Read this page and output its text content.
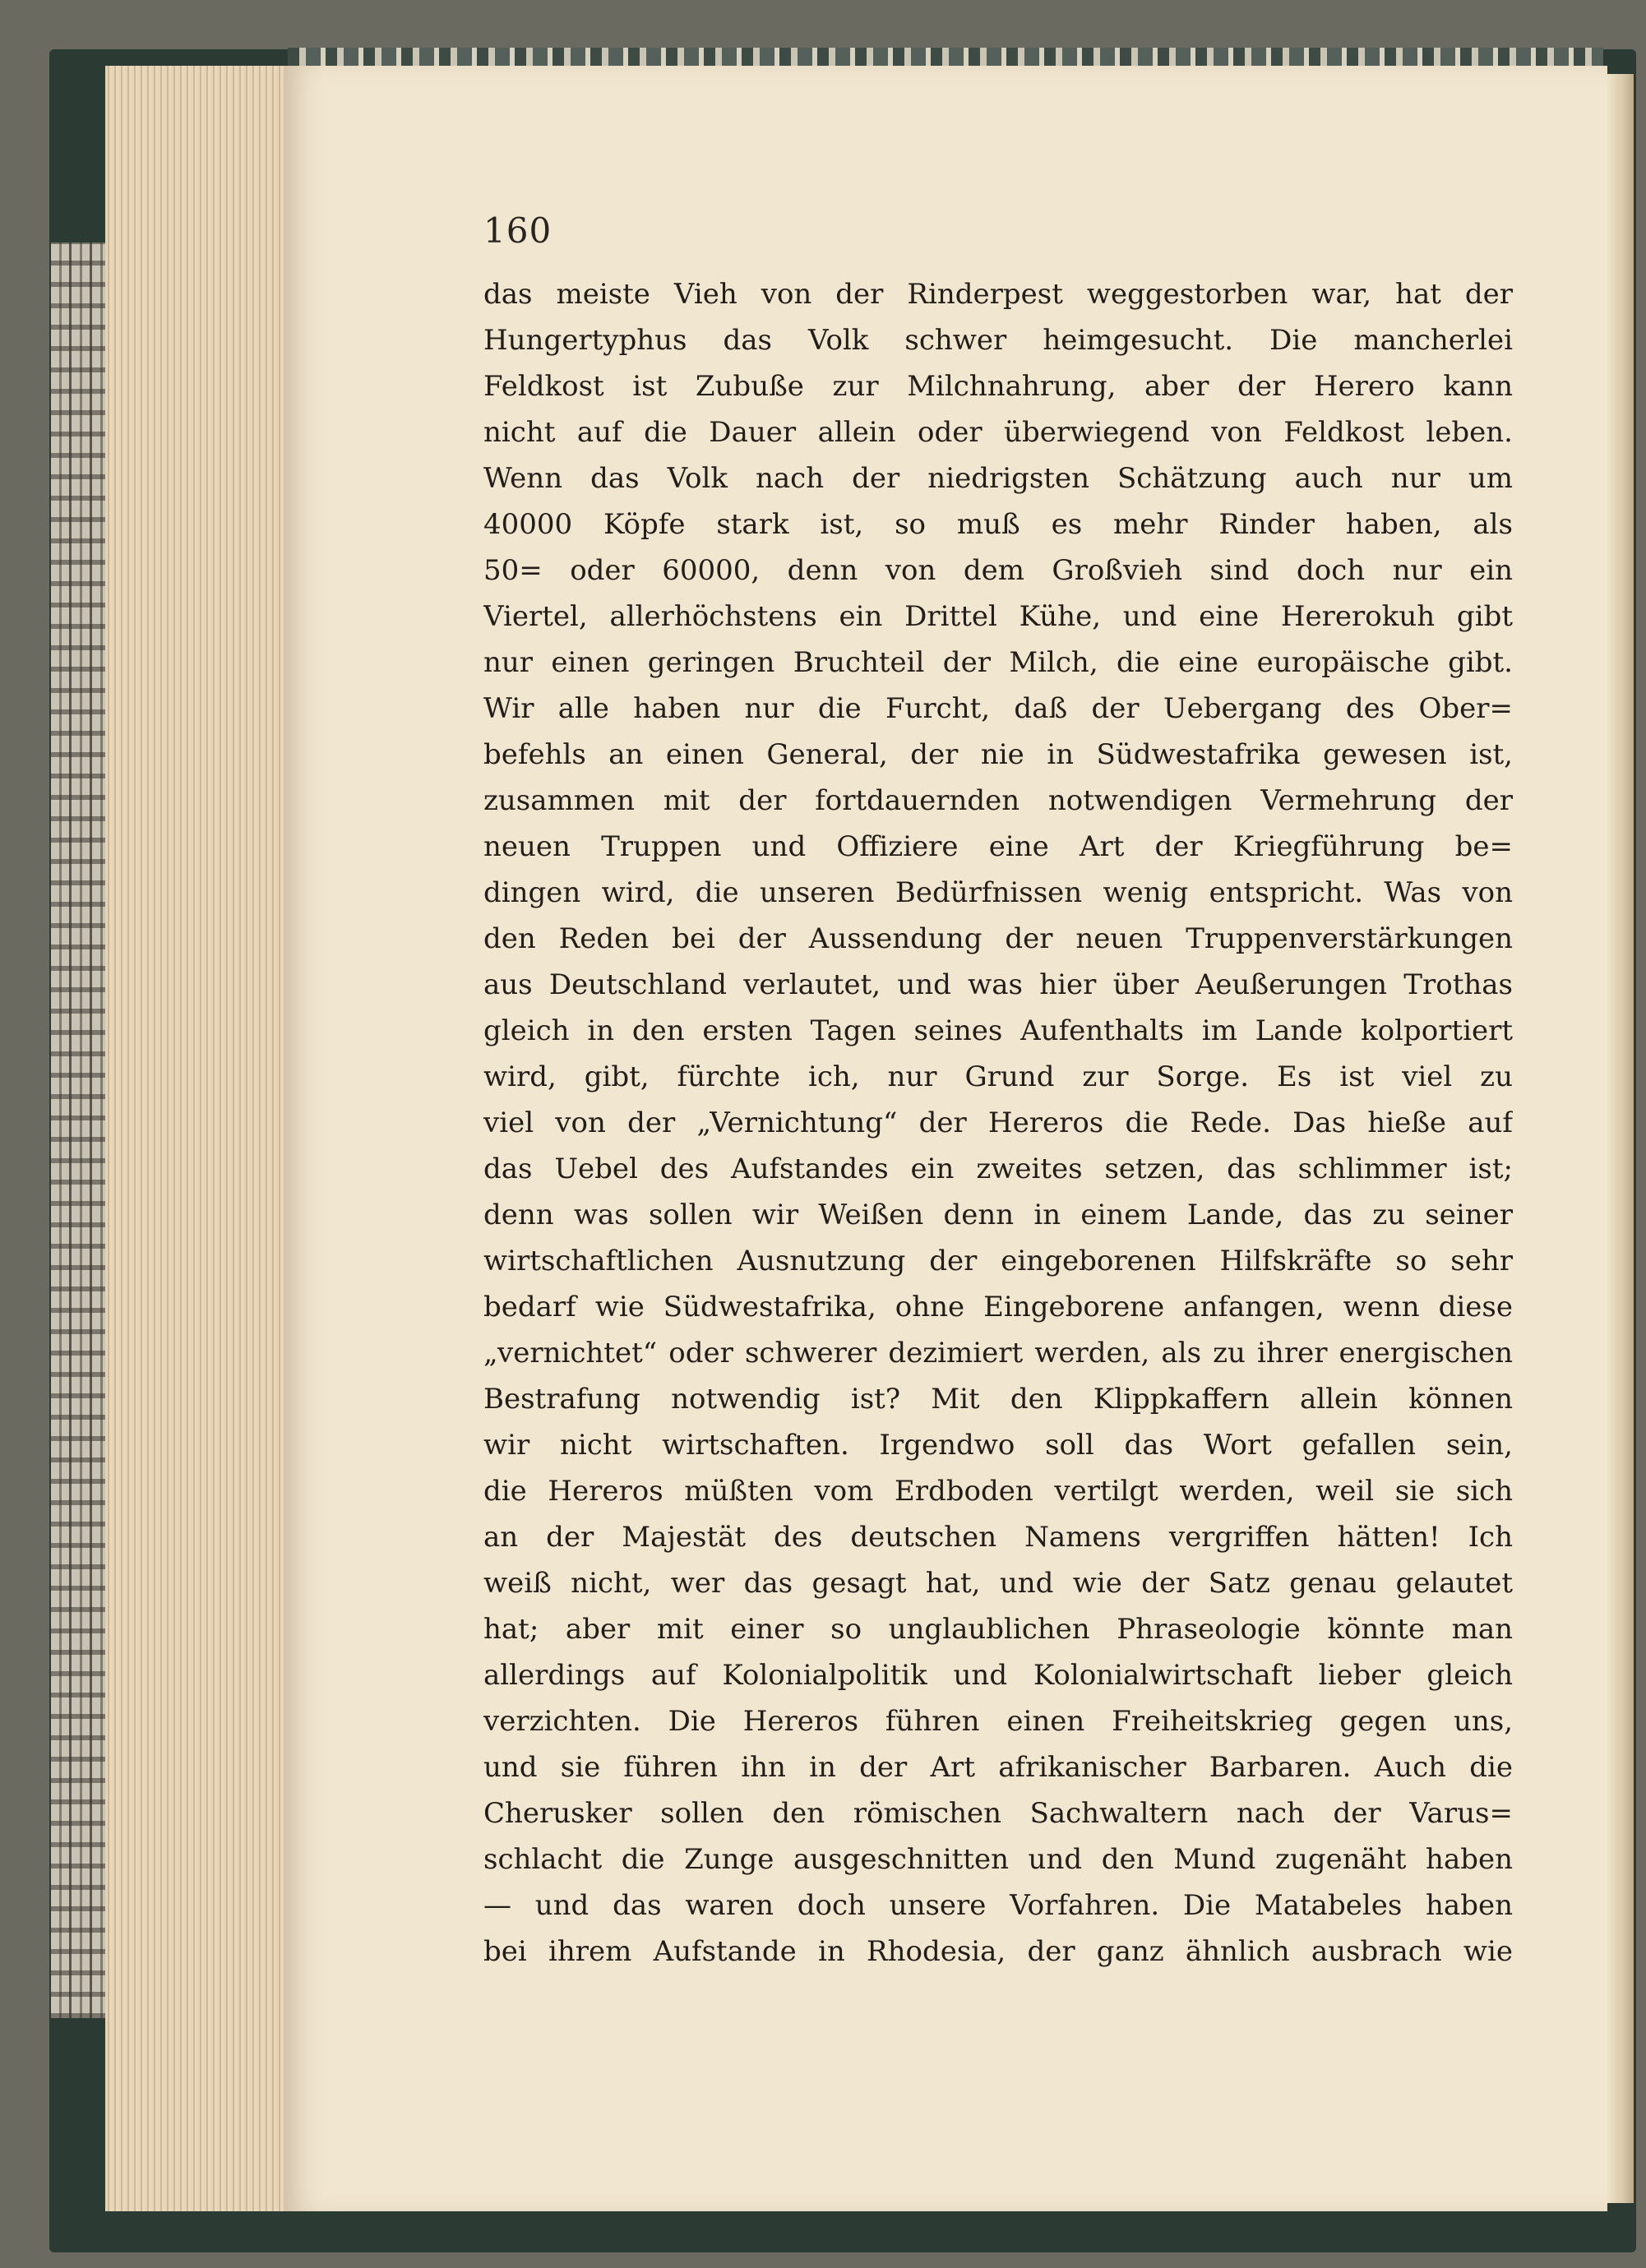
160
das meiste Vieh von der Rinderpest weggestorben war, hat der
Hungertyphus das Volk schwer heimgesucht. Die mancherlei
Feldkost ist Zubuße zur Milchnahrung, aber der Herero kann
nicht auf die Dauer allein oder überwiegend von Feldkost leben.
Wenn das Volk nach der niedrigsten Schätzung auch nur um
40000 Köpfe stark ist, so muß es mehr Rinder haben, als
50= oder 60000, denn von dem Großvieh sind doch nur ein
Viertel, allerhöchstens ein Drittel Kühe, und eine Hererokuh gibt
nur einen geringen Bruchteil der Milch, die eine europäische gibt.
Wir alle haben nur die Furcht, daß der Uebergang des Ober=
befehls an einen General, der nie in Südwestafrika gewesen ist,
zusammen mit der fortdauernden notwendigen Vermehrung der
neuen Truppen und Offiziere eine Art der Kriegführung be=
dingen wird, die unseren Bedürfnissen wenig entspricht. Was von
den Reden bei der Aussendung der neuen Truppenverstärkungen
aus Deutschland verlautet, und was hier über Aeußerungen Trothas
gleich in den ersten Tagen seines Aufenthalts im Lande kolportiert
wird, gibt, fürchte ich, nur Grund zur Sorge. Es ist viel zu
viel von der „Vernichtung“ der Hereros die Rede. Das hieße auf
das Uebel des Aufstandes ein zweites setzen, das schlimmer ist;
denn was sollen wir Weißen denn in einem Lande, das zu seiner
wirtschaftlichen Ausnutzung der eingeborenen Hilfskräfte so sehr
bedarf wie Südwestafrika, ohne Eingeborene anfangen, wenn diese
„vernichtet“ oder schwerer dezimiert werden, als zu ihrer energischen
Bestrafung notwendig ist? Mit den Klippkaffern allein können
wir nicht wirtschaften. Irgendwo soll das Wort gefallen sein,
die Hereros müßten vom Erdboden vertilgt werden, weil sie sich
an der Majestät des deutschen Namens vergriffen hätten! Ich
weiß nicht, wer das gesagt hat, und wie der Satz genau gelautet
hat; aber mit einer so unglaublichen Phraseologie könnte man
allerdings auf Kolonialpolitik und Kolonialwirtschaft lieber gleich
verzichten. Die Hereros führen einen Freiheitskrieg gegen uns,
und sie führen ihn in der Art afrikanischer Barbaren. Auch die
Cherusker sollen den römischen Sachwaltern nach der Varus=
schlacht die Zunge ausgeschnitten und den Mund zugenäht haben
— und das waren doch unsere Vorfahren. Die Matabeles haben
bei ihrem Aufstande in Rhodesia, der ganz ähnlich ausbrach wie
